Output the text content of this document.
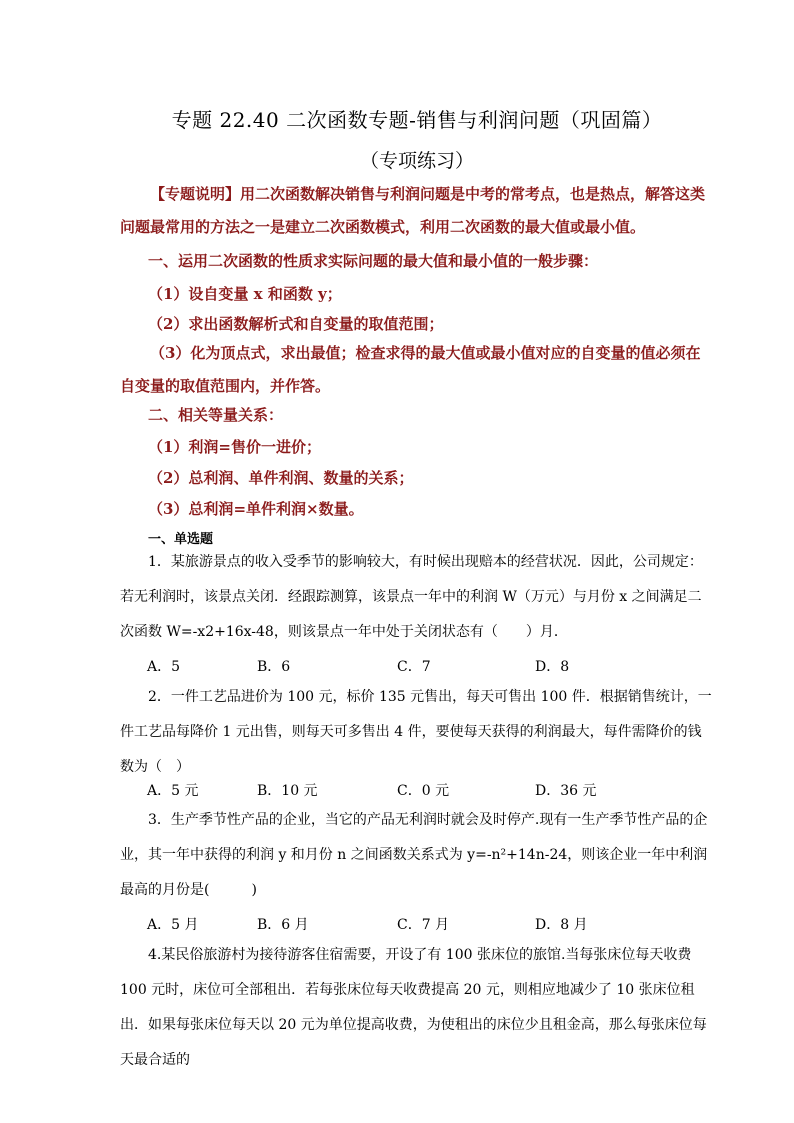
专题 22.40 二次函数专题-销售与利润问题（巩固篇）
（专项练习）
【专题说明】用二次函数解决销售与利润问题是中考的常考点，也是热点，解答这类问题最常用的方法之一是建立二次函数模式，利用二次函数的最大值或最小值。
一、运用二次函数的性质求实际问题的最大值和最小值的一般步骤：
（1）设自变量 x 和函数 y；
（2）求出函数解析式和自变量的取值范围；
（3）化为顶点式，求出最值；检查求得的最大值或最小值对应的自变量的值必须在自变量的取值范围内，并作答。
二、相关等量关系：
（1）利润=售价一进价；
（2）总利润、单件利润、数量的关系；
（3）总利润=单件利润×数量。
一、单选题
1．某旅游景点的收入受季节的影响较大，有时候出现赔本的经营状况．因此，公司规定：若无利润时，该景点关闭．经跟踪测算，该景点一年中的利润 W（万元）与月份 x 之间满足二次函数 W=-x2+16x-48，则该景点一年中处于关闭状态有（　　）月．
A．5	B．6	C．7	D．8
2．一件工艺品进价为 100 元，标价 135 元售出，每天可售出 100 件．根据销售统计，一件工艺品每降价 1 元出售，则每天可多售出 4 件，要使每天获得的利润最大，每件需降价的钱数为（　）
A．5 元	B．10 元	C．0 元	D．36 元
3．生产季节性产品的企业，当它的产品无利润时就会及时停产.现有一生产季节性产品的企业，其一年中获得的利润 y 和月份 n 之间函数关系式为 y=-n²+14n-24，则该企业一年中利润最高的月份是(　　　)
A．5 月	B．6 月	C．7 月	D．8 月
4.某民俗旅游村为接待游客住宿需要，开设了有 100 张床位的旅馆.当每张床位每天收费 100 元时，床位可全部租出．若每张床位每天收费提高 20 元，则相应地减少了 10 张床位租出．如果每张床位每天以 20 元为单位提高收费，为使租出的床位少且租金高，那么每张床位每天最合适的
